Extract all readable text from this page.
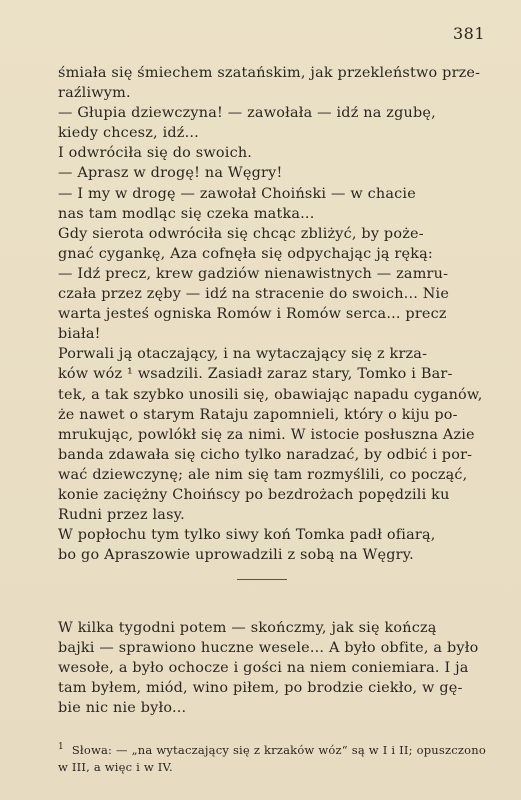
381

śmiała się śmiechem szatańskim, jak przekleństwo prze-

raźliwym.

— Głupia dziewczyna! — zawołała — idź na zgubę,

kiedy chcesz, idź...

I odwróciła się do swoich.

— Aprasz w drogę! na Węgry!

— I my w drogę — zawołał Choiński — w chacie

nas tam modląc się czeka matka...

Gdy sierota odwróciła się chcąc zbliżyć, by poże-

gnać cygankę, Aza cofnęła się odpychając ją ręką:

— Idź precz, krew gadziów nienawistnych — zamru-

czała przez zęby — idź na stracenie do swoich... Nie

warta jesteś ogniska Romów i Romów serca... precz

biała!

Porwali ją otaczający, i na wytaczający się z krza-

ków wóz ¹ wsadzili. Zasiadł zaraz stary, Tomko i Bar-

tek, a tak szybko unosili się, obawiając napadu cyganów,

że nawet o starym Rataju zapomnieli, który o kiju po-

mrukując, powlókł się za nimi. W istocie posłuszna Azie

banda zdawała się cicho tylko naradzać, by odbić i por-

wać dziewczynę; ale nim się tam rozmyślili, co począć,

konie zaciężny Choińscy po bezdrożach popędzili ku

Rudni przez lasy.

W popłochu tym tylko siwy koń Tomka padł ofiarą,

bo go Apraszowie uprowadzili z sobą na Węgry.

W kilka tygodni potem — skończmy, jak się kończą

bajki — sprawiono huczne wesele... A było obfite, a było

wesołe, a było ochocze i gości na niem coniemiara. I ja

tam byłem, miód, wino piłem, po brodzie ciekło, w gę-

bie nic nie było...

$^1$ Słowa: — „na wytaczający się z krzaków wóz“ są w I i II; opuszczono w III, a więc i w IV.
